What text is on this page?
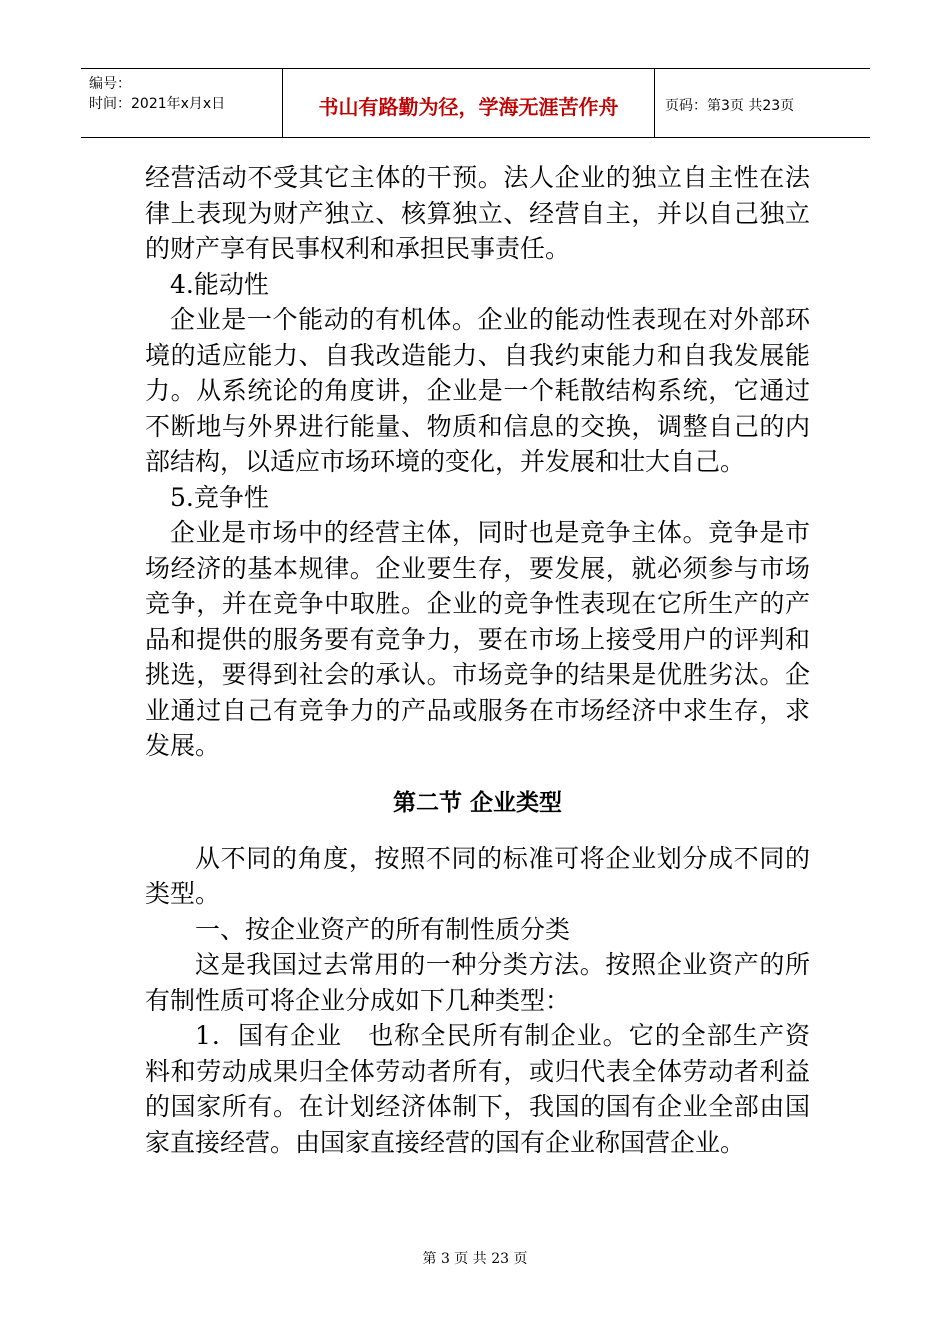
编号：
时间：2021年x月x日	书山有路勤为径，学海无涯苦作舟	页码：第3页 共23页

经营活动不受其它主体的干预。法人企业的独立自主性在法律上表现为财产独立、核算独立、经营自主，并以自己独立的财产享有民事权利和承担民事责任。

4.能动性

企业是一个能动的有机体。企业的能动性表现在对外部环境的适应能力、自我改造能力、自我约束能力和自我发展能力。从系统论的角度讲，企业是一个耗散结构系统，它通过不断地与外界进行能量、物质和信息的交换，调整自己的内部结构，以适应市场环境的变化，并发展和壮大自己。

5.竞争性

企业是市场中的经营主体，同时也是竞争主体。竞争是市场经济的基本规律。企业要生存，要发展，就必须参与市场竞争，并在竞争中取胜。企业的竞争性表现在它所生产的产品和提供的服务要有竞争力，要在市场上接受用户的评判和挑选，要得到社会的承认。市场竞争的结果是优胜劣汰。企业通过自己有竞争力的产品或服务在市场经济中求生存，求发展。

第二节 企业类型

从不同的角度，按照不同的标准可将企业划分成不同的类型。

一、按企业资产的所有制性质分类

这是我国过去常用的一种分类方法。按照企业资产的所有制性质可将企业分成如下几种类型：

1．国有企业　也称全民所有制企业。它的全部生产资料和劳动成果归全体劳动者所有，或归代表全体劳动者利益的国家所有。在计划经济体制下，我国的国有企业全部由国家直接经营。由国家直接经营的国有企业称国营企业。

第 3 页 共 23 页
